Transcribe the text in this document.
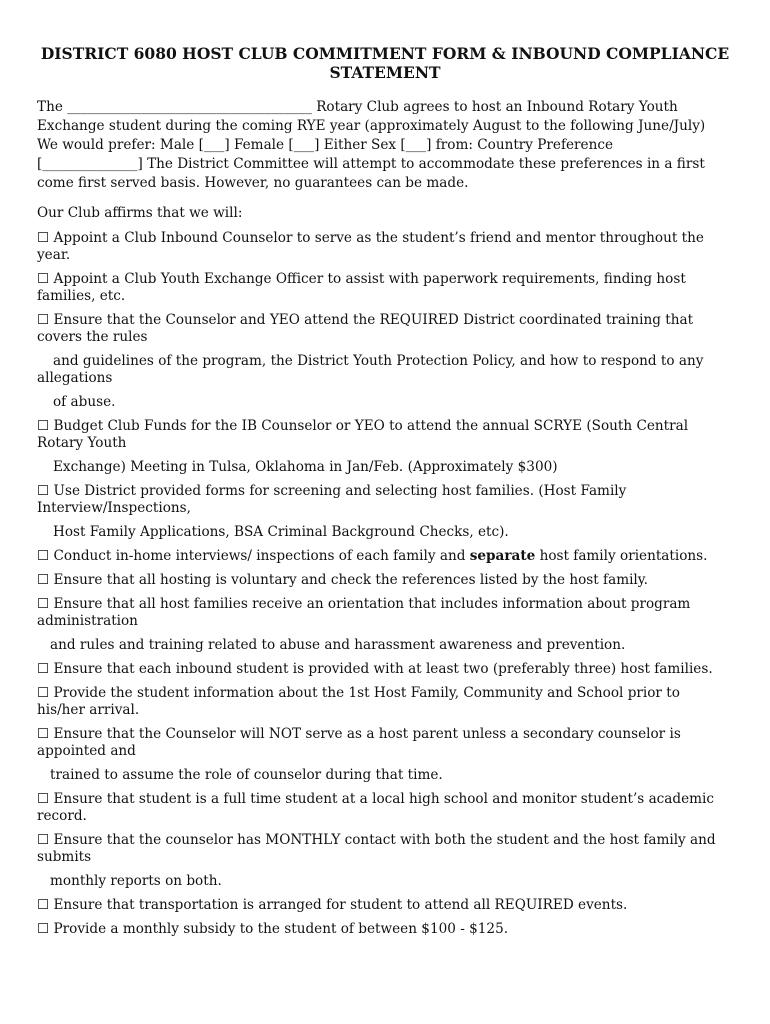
DISTRICT 6080 HOST CLUB COMMITMENT FORM & INBOUND COMPLIANCE STATEMENT
The ____________________________________ Rotary Club agrees to host an Inbound Rotary Youth
Exchange student during the coming RYE year (approximately August to the following June/July)
We would prefer: Male [___] Female [___] Either Sex [___] from: Country Preference
[______________] The District Committee will attempt to accommodate these preferences in a first
come first served basis. However, no guarantees can be made.
Our Club affirms that we will:
☐ Appoint a Club Inbound Counselor to serve as the student’s friend and mentor throughout the
year.
☐ Appoint a Club Youth Exchange Officer to assist with paperwork requirements, finding host
families, etc.
☐ Ensure that the Counselor and YEO attend the REQUIRED District coordinated training that
covers the rules
and guidelines of the program, the District Youth Protection Policy, and how to respond to any
allegations
of abuse.
☐ Budget Club Funds for the IB Counselor or YEO to attend the annual SCRYE (South Central
Rotary Youth
Exchange) Meeting in Tulsa, Oklahoma in Jan/Feb. (Approximately $300)
☐ Use District provided forms for screening and selecting host families. (Host Family
Interview/Inspections,
Host Family Applications, BSA Criminal Background Checks, etc).
☐ Conduct in-home interviews/ inspections of each family and separate host family orientations.
☐ Ensure that all hosting is voluntary and check the references listed by the host family.
☐ Ensure that all host families receive an orientation that includes information about program
administration
and rules and training related to abuse and harassment awareness and prevention.
☐ Ensure that each inbound student is provided with at least two (preferably three) host families.
☐ Provide the student information about the 1st Host Family, Community and School prior to
his/her arrival.
☐ Ensure that the Counselor will NOT serve as a host parent unless a secondary counselor is
appointed and
trained to assume the role of counselor during that time.
☐ Ensure that student is a full time student at a local high school and monitor student’s academic
record.
☐ Ensure that the counselor has MONTHLY contact with both the student and the host family and
submits
monthly reports on both.
☐ Ensure that transportation is arranged for student to attend all REQUIRED events.
☐ Provide a monthly subsidy to the student of between $100 - $125.
